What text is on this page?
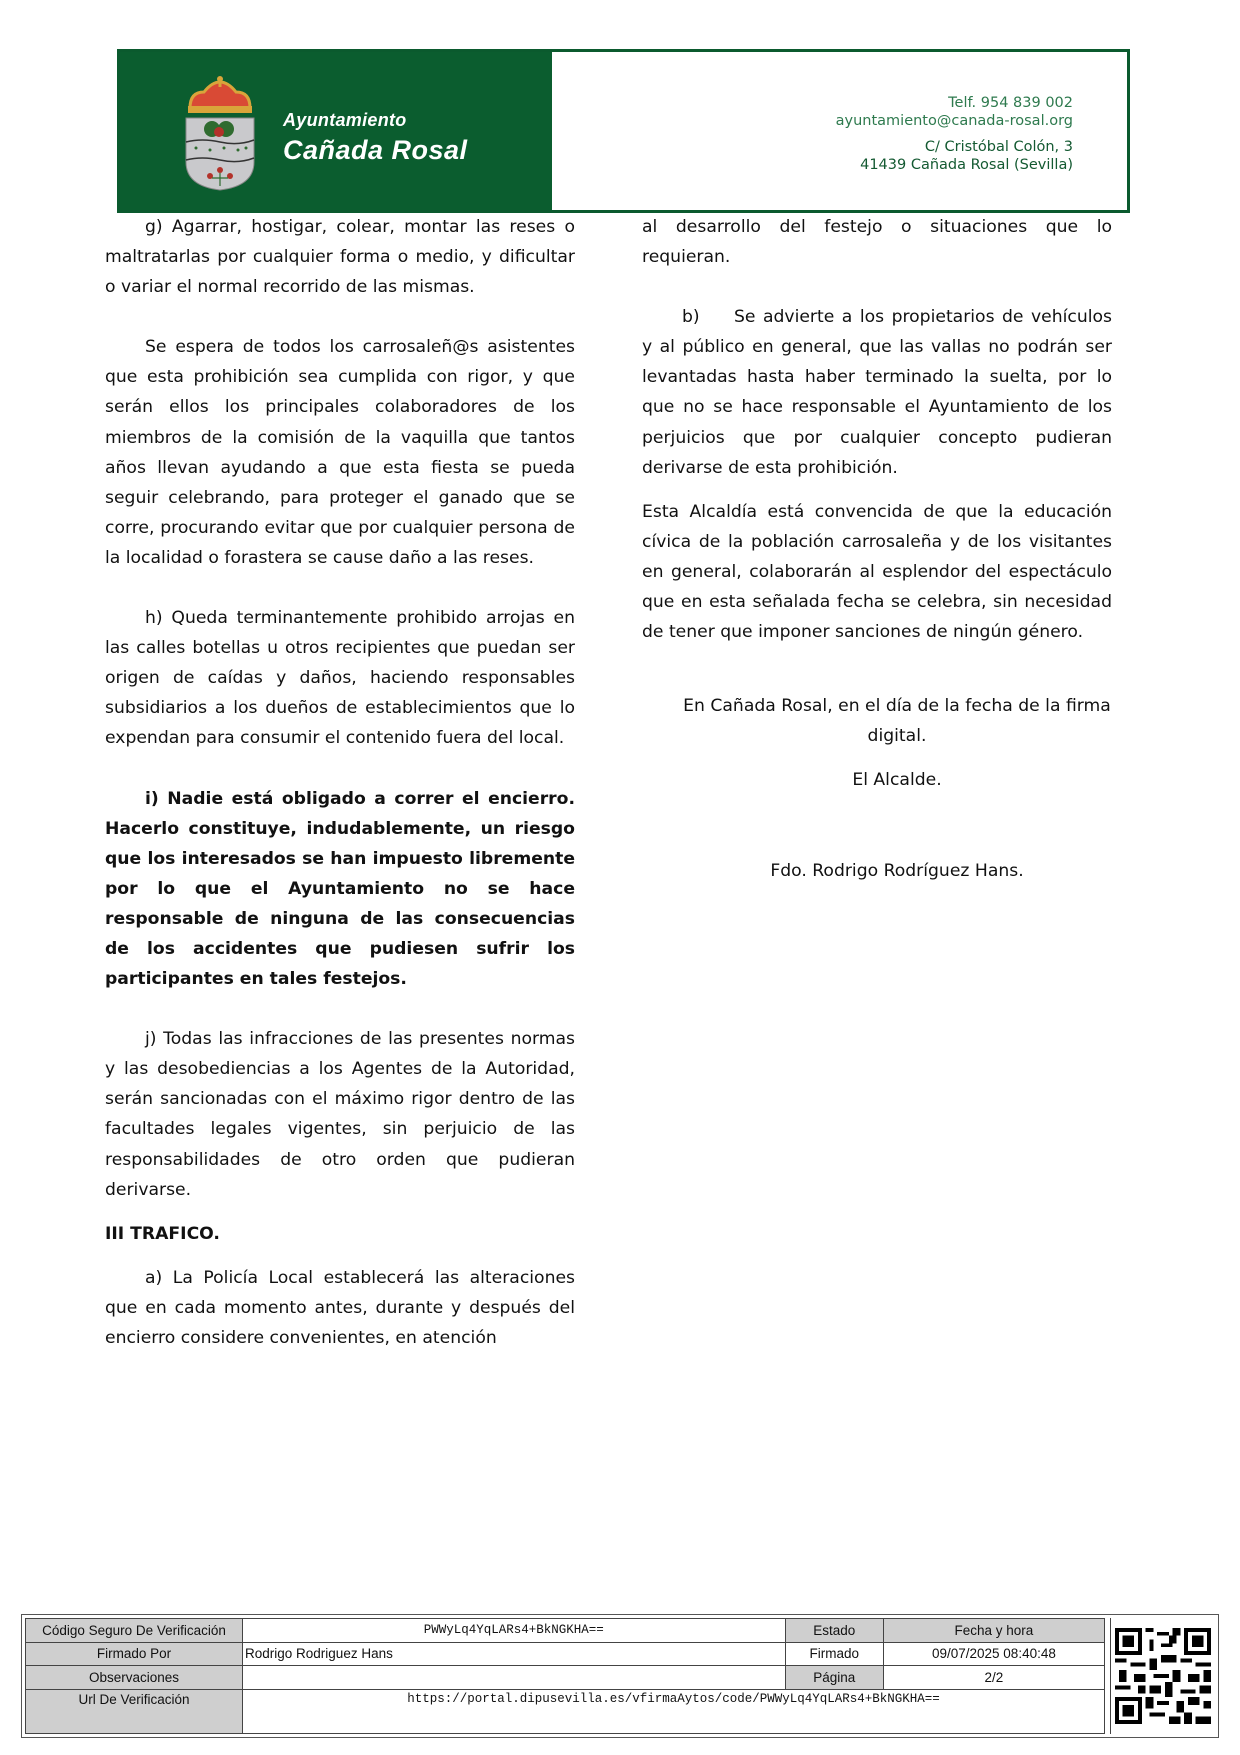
Ayuntamiento
Cañada Rosal
Telf. 954 839 002
ayuntamiento@canada-rosal.org
C/ Cristóbal Colón, 3
41439 Cañada Rosal (Sevilla)

g) Agarrar, hostigar, colear, montar las reses o maltratarlas por cualquier forma o medio, y dificultar o variar el normal recorrido de las mismas.

Se espera de todos los carrosaleñ@s asistentes que esta prohibición sea cumplida con rigor, y que serán ellos los principales colaboradores de los miembros de la comisión de la vaquilla que tantos años llevan ayudando a que esta fiesta se pueda seguir celebrando, para proteger el ganado que se corre, procurando evitar que por cualquier persona de la localidad o forastera se cause daño a las reses.

h) Queda terminantemente prohibido arrojas en las calles botellas u otros recipientes que puedan ser origen de caídas y daños, haciendo responsables subsidiarios a los dueños de establecimientos que lo expendan para consumir el contenido fuera del local.

i) Nadie está obligado a correr el encierro. Hacerlo constituye, indudablemente, un riesgo que los interesados se han impuesto libremente por lo que el Ayuntamiento no se hace responsable de ninguna de las consecuencias de los accidentes que pudiesen sufrir los participantes en tales festejos.

j) Todas las infracciones de las presentes normas y las desobediencias a los Agentes de la Autoridad, serán sancionadas con el máximo rigor dentro de las facultades legales vigentes, sin perjuicio de las responsabilidades de otro orden que pudieran derivarse.

III TRAFICO.

a) La Policía Local establecerá las alteraciones que en cada momento antes, durante y después del encierro considere convenientes, en atención

al desarrollo del festejo o situaciones que lo requieran.

b)  Se advierte a los propietarios de vehículos y al público en general, que las vallas no podrán ser levantadas hasta haber terminado la suelta, por lo que no se hace responsable el Ayuntamiento de los perjuicios que por cualquier concepto pudieran derivarse de esta prohibición.

Esta Alcaldía está convencida de que la educación cívica de la población carrosaleña y de los visitantes en general, colaborarán al esplendor del espectáculo que en esta señalada fecha se celebra, sin necesidad de tener que imponer sanciones de ningún género.

En Cañada Rosal, en el día de la fecha de la firma digital.

El Alcalde.

Fdo. Rodrigo Rodríguez Hans.

Código Seguro De Verificación	PWWyLq4YqLARs4+BkNGKHA==	Estado	Fecha y hora
Firmado Por	Rodrigo Rodriguez Hans	Firmado	09/07/2025 08:40:48
Observaciones		Página	2/2
Url De Verificación	https://portal.dipusevilla.es/vfirmaAytos/code/PWWyLq4YqLARs4+BkNGKHA==		
